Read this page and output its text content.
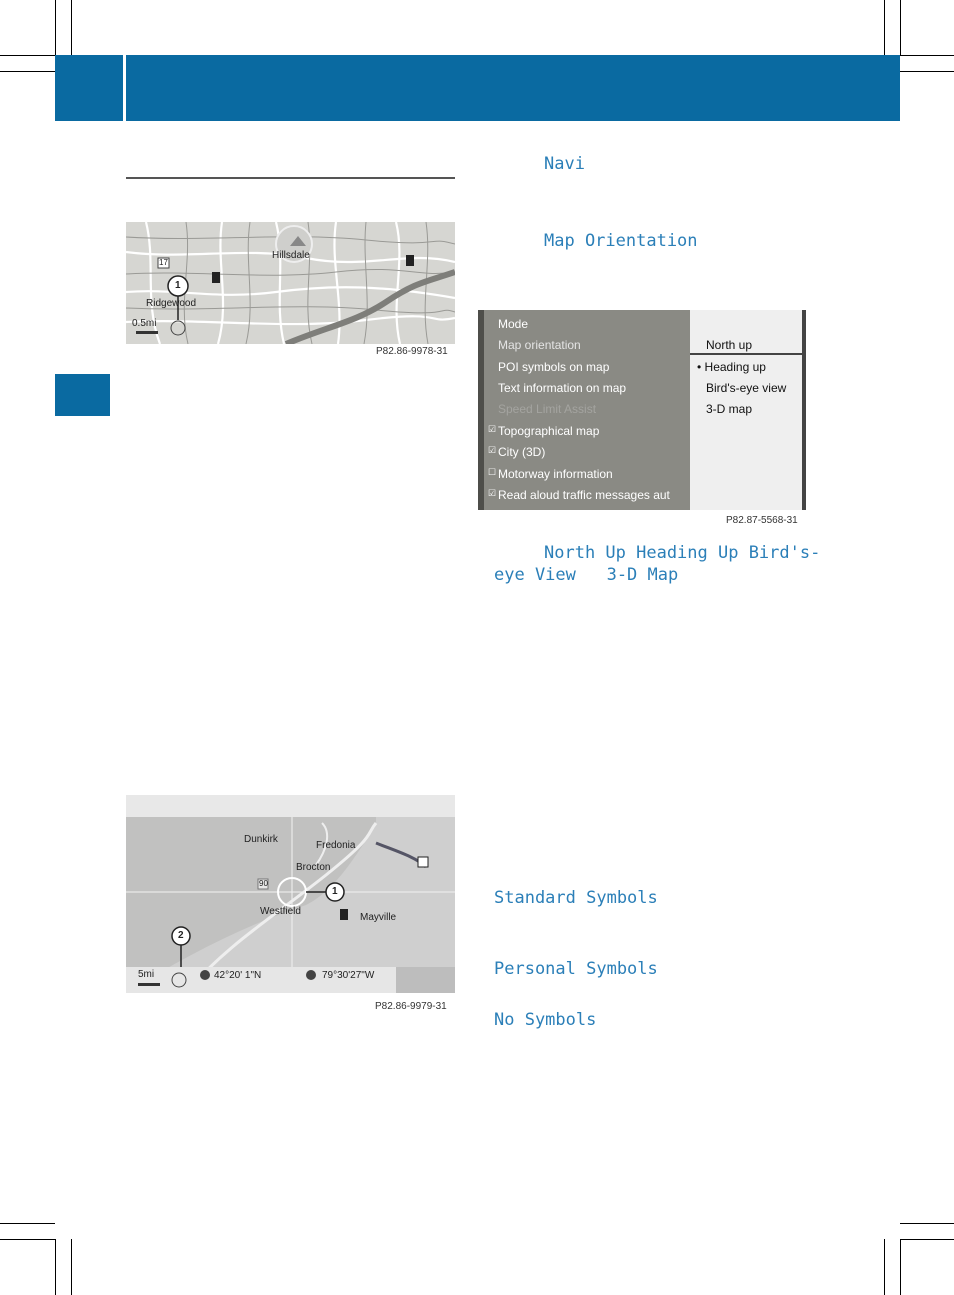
Hillsdale
Ridgewood
0.5mi
1
17
P82.86-9978-31
Dunkirk
Fredonia
Brocton
Westfield
Mayville
90
1
2
5mi	42°20' 1"N	79°30'27"W
P82.86-9979-31
Navi
Map Orientation
Mode
Map orientation
POI symbols on map
Text information on map
Speed Limit Assist
☑ Topographical map
☑ City (3D)
☐ Motorway information
☑ Read aloud traffic messages aut
North up
• Heading up
Bird's-eye view
3-D map
P82.87-5568-31
North Up Heading Up Bird's-
eye View   3-D Map
Standard Symbols
Personal Symbols
No Symbols
